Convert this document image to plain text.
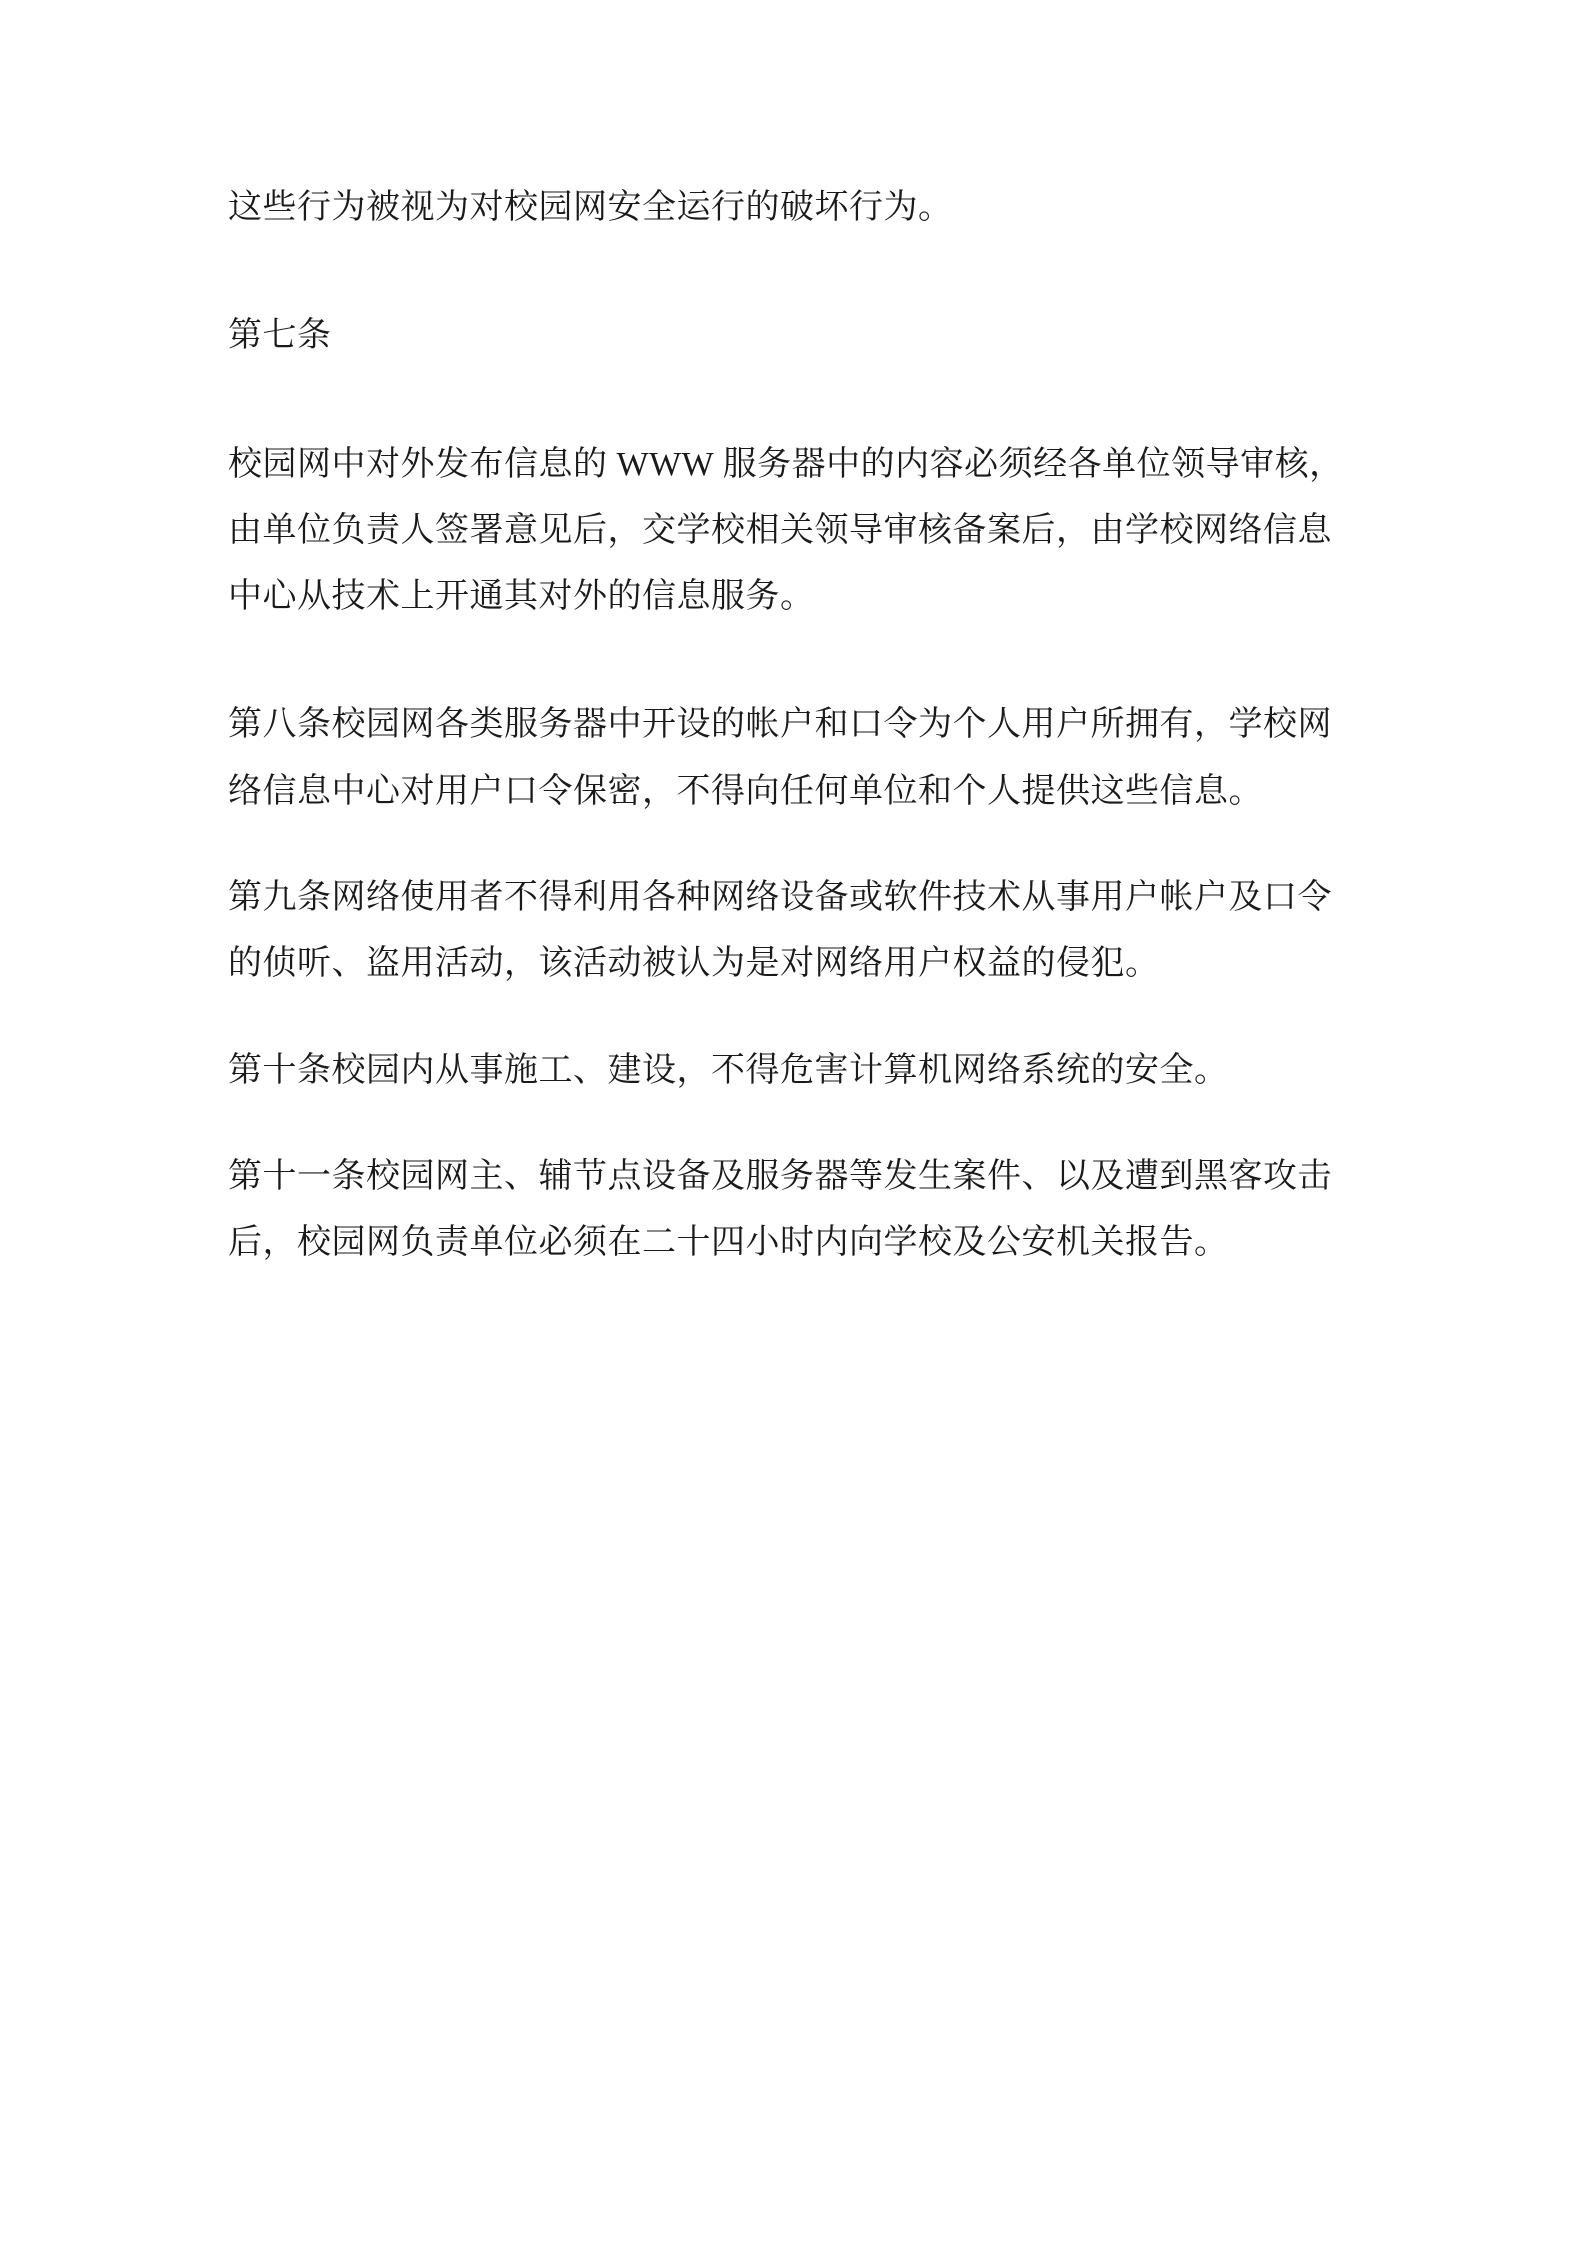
这些行为被视为对校园网安全运行的破坏行为。

第七条

校园网中对外发布信息的 WWW 服务器中的内容必须经各单位领导审核，由单位负责人签署意见后，交学校相关领导审核备案后，由学校网络信息中心从技术上开通其对外的信息服务。

第八条校园网各类服务器中开设的帐户和口令为个人用户所拥有，学校网络信息中心对用户口令保密，不得向任何单位和个人提供这些信息。

第九条网络使用者不得利用各种网络设备或软件技术从事用户帐户及口令的侦听、盗用活动，该活动被认为是对网络用户权益的侵犯。

第十条校园内从事施工、建设，不得危害计算机网络系统的安全。

第十一条校园网主、辅节点设备及服务器等发生案件、以及遭到黑客攻击后，校园网负责单位必须在二十四小时内向学校及公安机关报告。
